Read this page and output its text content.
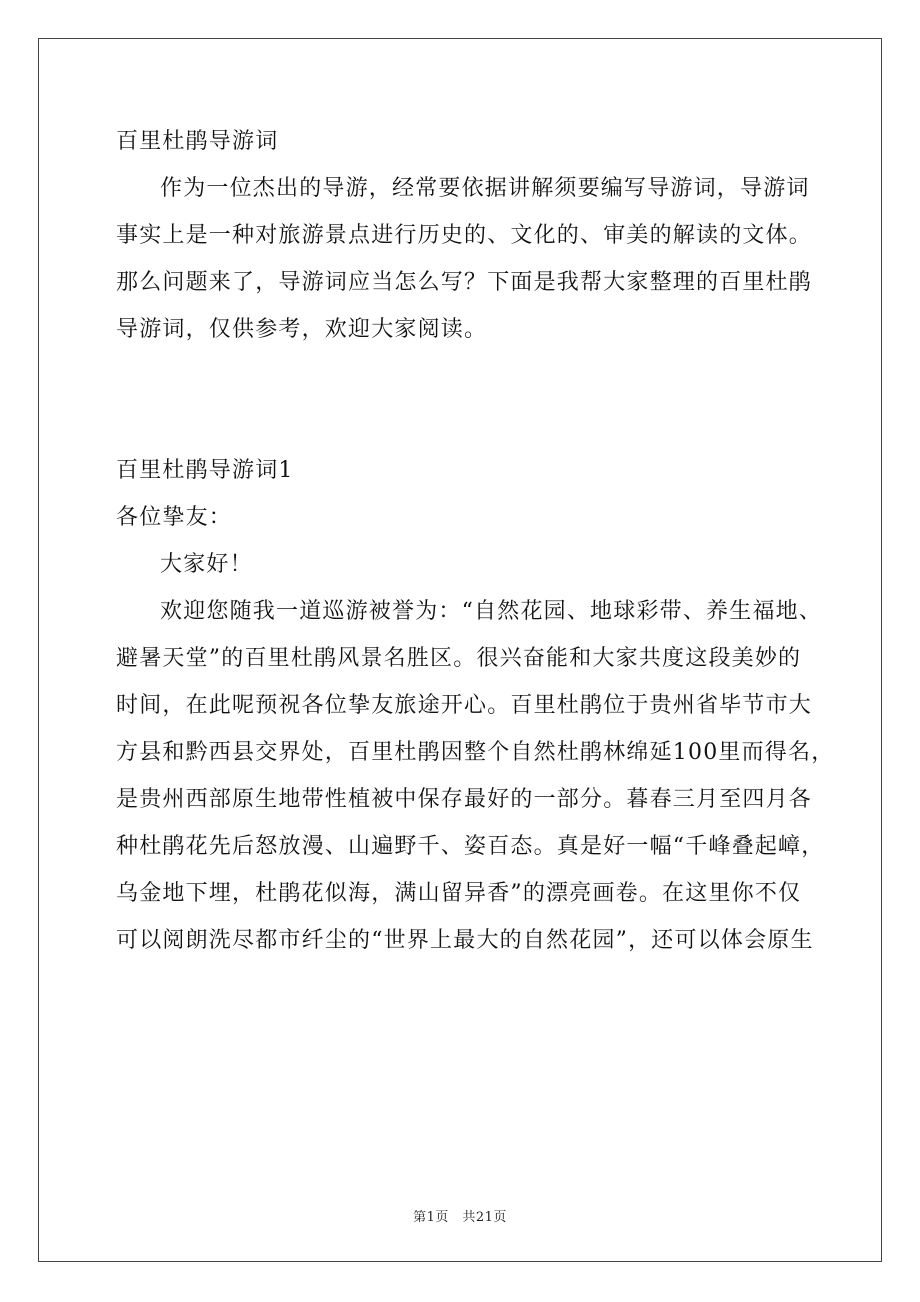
百里杜鹃导游词
作为一位杰出的导游，经常要依据讲解须要编写导游词，导游词
事实上是一种对旅游景点进行历史的、文化的、审美的解读的文体。
那么问题来了，导游词应当怎么写？下面是我帮大家整理的百里杜鹃
导游词，仅供参考，欢迎大家阅读。
百里杜鹃导游词1
各位挚友：
大家好！
欢迎您随我一道巡游被誉为：“自然花园、地球彩带、养生福地、
避暑天堂”的百里杜鹃风景名胜区。很兴奋能和大家共度这段美妙的
时间，在此呢预祝各位挚友旅途开心。百里杜鹃位于贵州省毕节市大
方县和黔西县交界处，百里杜鹃因整个自然杜鹃林绵延100里而得名，
是贵州西部原生地带性植被中保存最好的一部分。暮春三月至四月各
种杜鹃花先后怒放漫、山遍野千、姿百态。真是好一幅“千峰叠起嶂，
乌金地下埋，杜鹃花似海，满山留异香”的漂亮画卷。在这里你不仅
可以阅朗洗尽都市纤尘的“世界上最大的自然花园”，还可以体会原生
第1页　共21页
